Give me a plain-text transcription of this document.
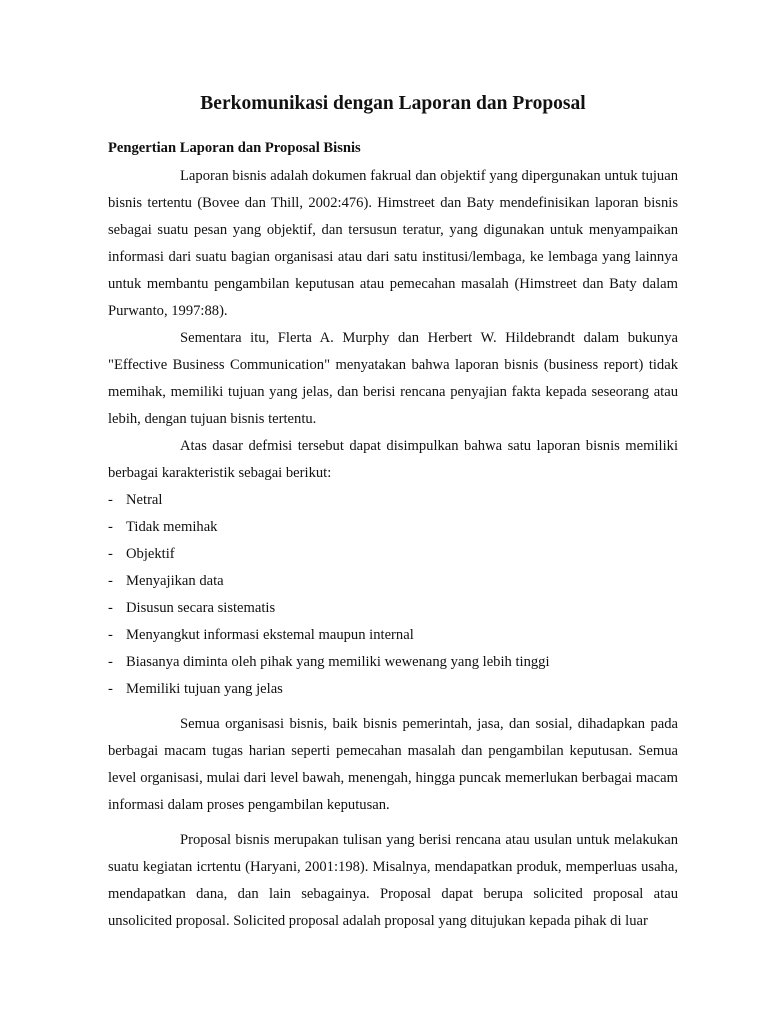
Berkomunikasi dengan Laporan dan Proposal
Pengertian Laporan dan Proposal Bisnis

Laporan bisnis adalah dokumen fakrual dan objektif yang dipergunakan untuk tujuan bisnis tertentu (Bovee dan Thill, 2002:476). Himstreet dan Baty mendefinisikan laporan bisnis sebagai suatu pesan yang objektif, dan tersusun teratur, yang digunakan untuk menyampaikan informasi dari suatu bagian organisasi atau dari satu institusi/lembaga, ke lembaga yang lainnya untuk membantu pengambilan keputusan atau pemecahan masalah (Himstreet dan Baty dalam Purwanto, 1997:88).

Sementara itu, Flerta A. Murphy dan Herbert W. Hildebrandt dalam bukunya "Effective Business Communication" menyatakan bahwa laporan bisnis (business report) tidak memihak, memiliki tujuan yang jelas, dan berisi rencana penyajian fakta kepada seseorang atau lebih, dengan tujuan bisnis tertentu.

Atas dasar defmisi tersebut dapat disimpulkan bahwa satu laporan bisnis memiliki berbagai karakteristik sebagai berikut:

- Netral
- Tidak memihak
- Objektif
- Menyajikan data
- Disusun secara sistematis
- Menyangkut informasi ekstemal maupun internal
- Biasanya diminta oleh pihak yang memiliki wewenang yang lebih tinggi
- Memiliki tujuan yang jelas

Semua organisasi bisnis, baik bisnis pemerintah, jasa, dan sosial, dihadapkan pada berbagai macam tugas harian seperti pemecahan masalah dan pengambilan keputusan. Semua level organisasi, mulai dari level bawah, menengah, hingga puncak memerlukan berbagai macam informasi dalam proses pengambilan keputusan.

Proposal bisnis merupakan tulisan yang berisi rencana atau usulan untuk melakukan suatu kegiatan icrtentu (Haryani, 2001:198). Misalnya, mendapatkan produk, memperluas usaha, mendapatkan dana, dan lain sebagainya. Proposal dapat berupa solicited proposal atau unsolicited proposal. Solicited proposal adalah proposal yang ditujukan kepada pihak di luar
